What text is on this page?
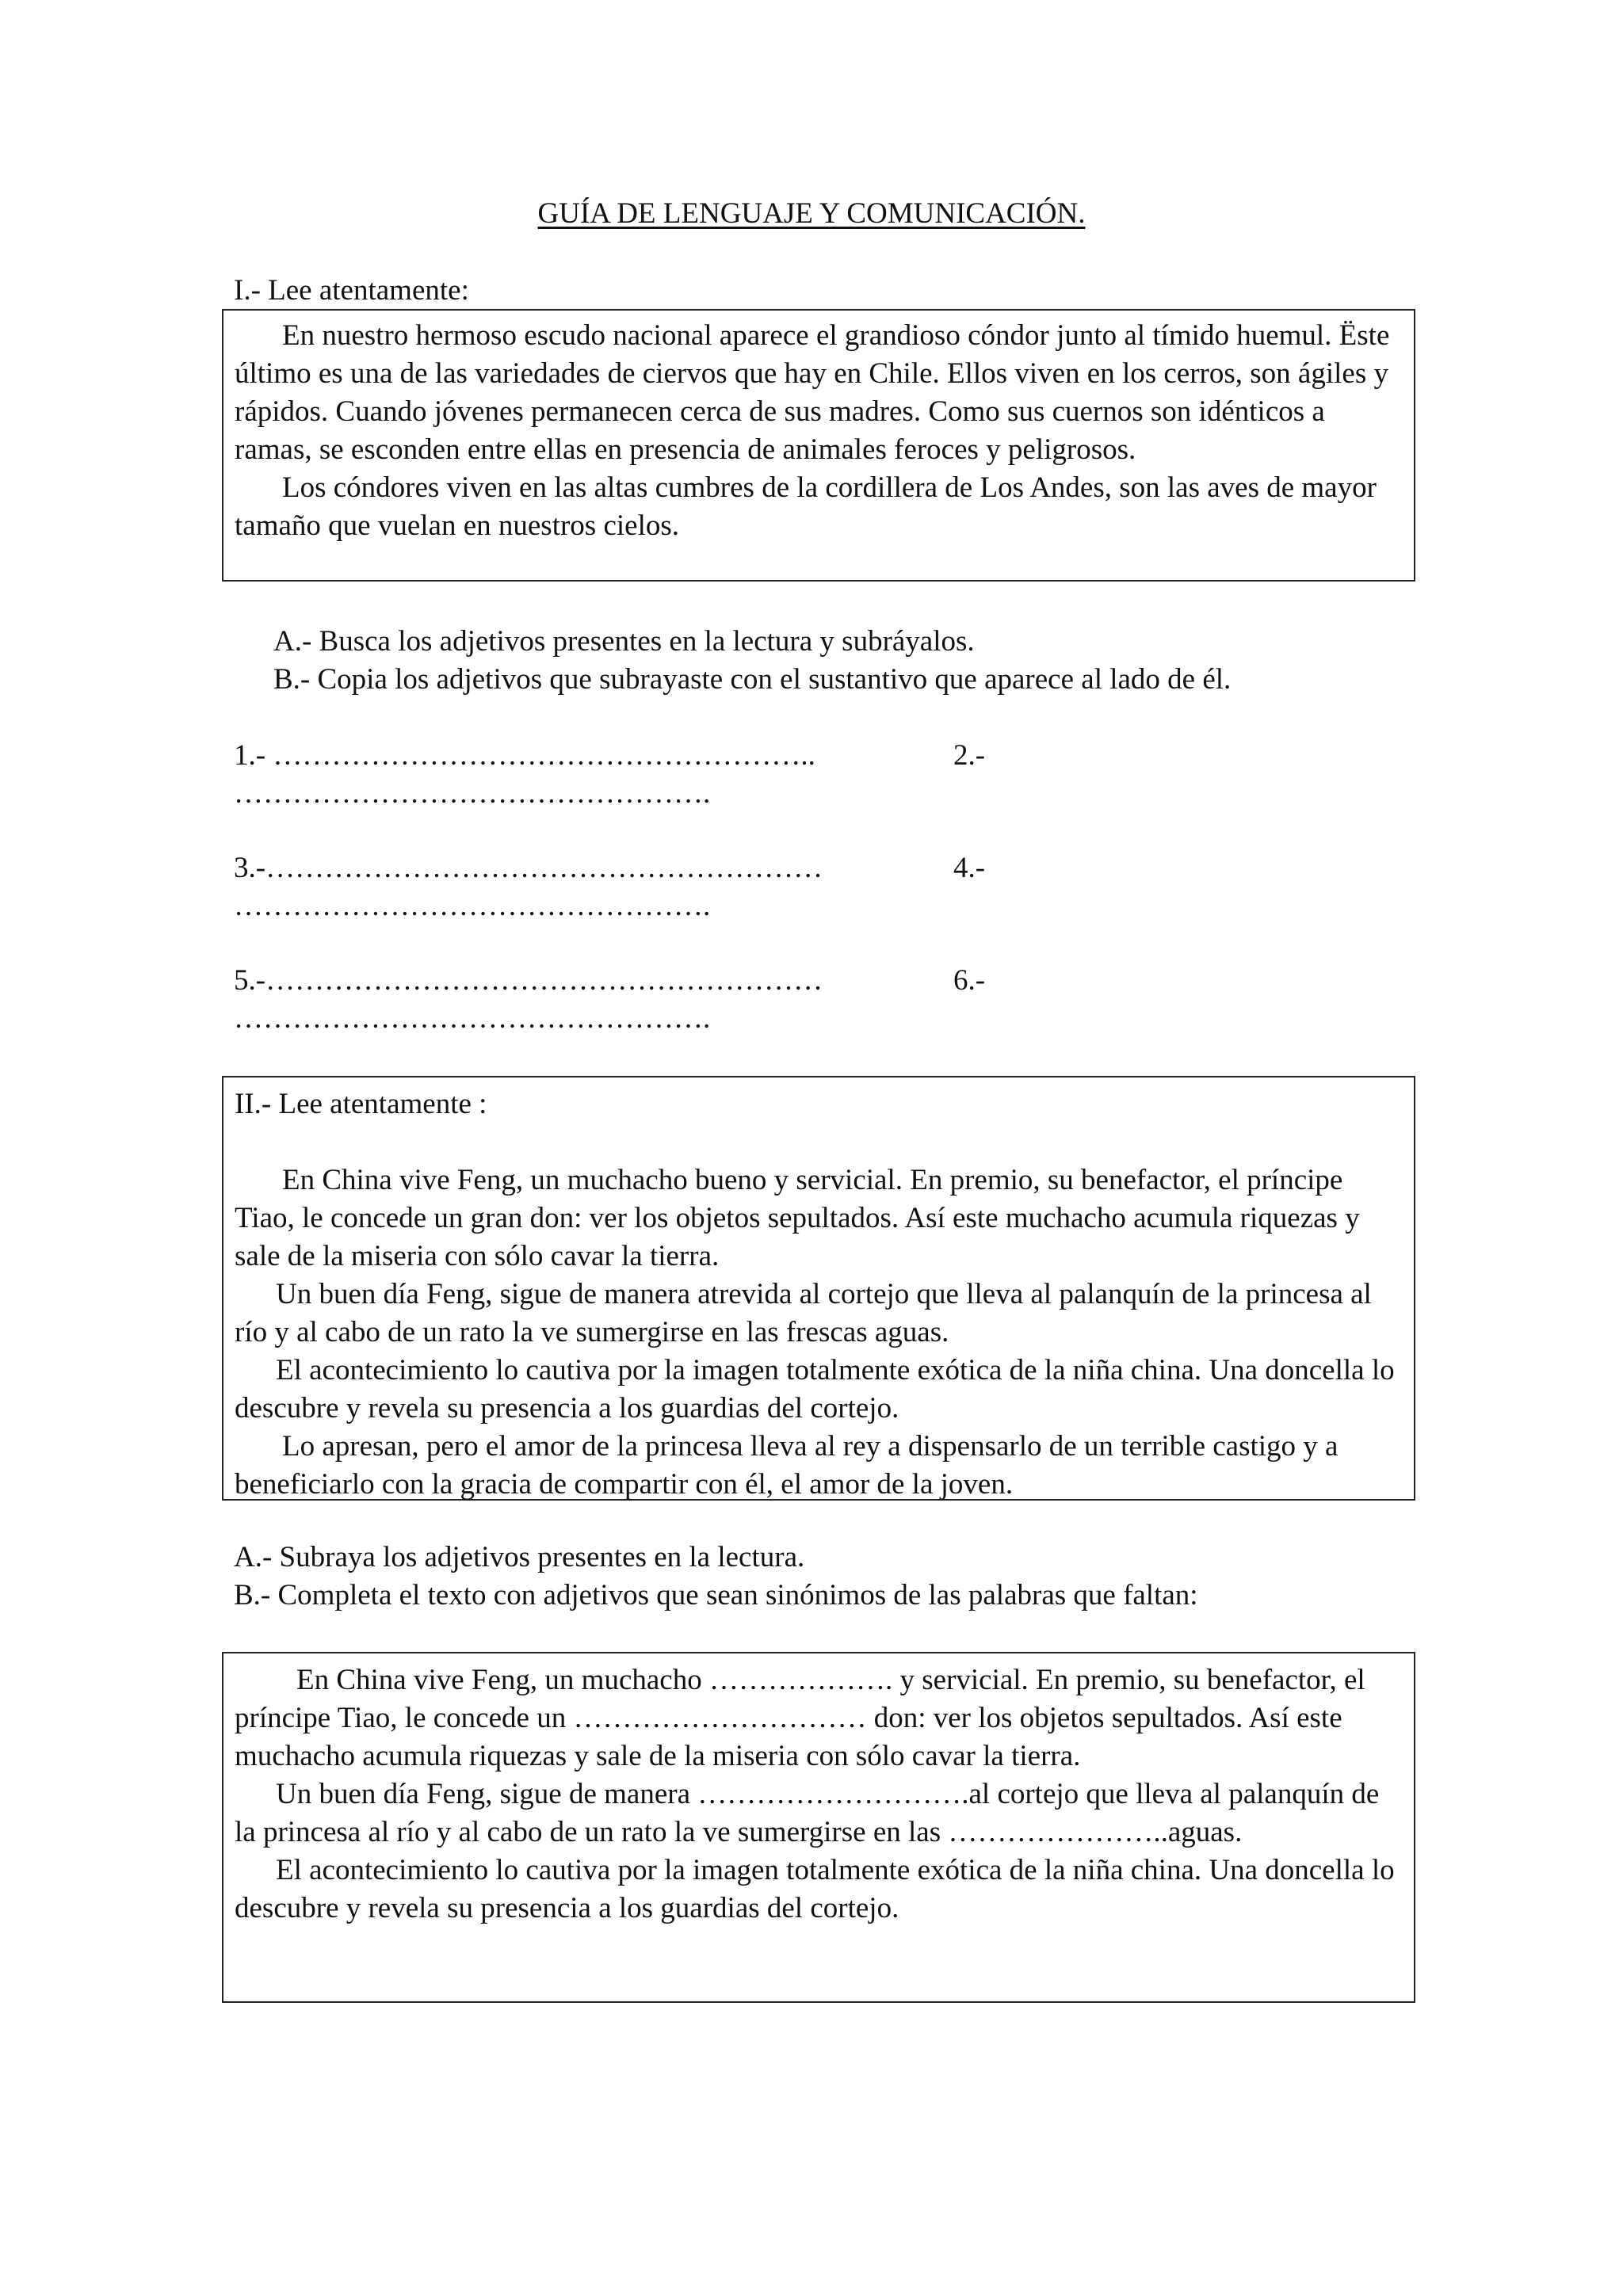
GUÍA DE LENGUAJE Y COMUNICACIÓN.
I.- Lee atentamente:

En nuestro hermoso escudo nacional aparece el grandioso cóndor junto al tímido huemul. Ëste último es una de las variedades de ciervos que hay en Chile. Ellos viven en los cerros, son ágiles y rápidos. Cuando jóvenes permanecen cerca de sus madres. Como sus cuernos son idénticos a ramas, se esconden entre ellas en presencia de animales feroces y peligrosos.

Los cóndores viven en las altas cumbres de la cordillera de Los Andes, son las aves de mayor tamaño que vuelan en nuestros cielos.

A.- Busca los adjetivos presentes en la lectura y subráyalos.
B.- Copia los adjetivos que subrayaste con el sustantivo que aparece al lado de él.
1.- ………………………………………………..	2.-
………………………………………….
3.-…………………………………………………	4.-
………………………………………….
5.-…………………………………………………	6.-
………………………………………….

II.- Lee atentamente :

En China vive Feng, un muchacho bueno y servicial. En premio, su benefactor, el príncipe Tiao, le concede un gran don: ver los objetos sepultados. Así este muchacho acumula riquezas y sale de la miseria con sólo cavar la tierra.

Un buen día Feng, sigue de manera atrevida al cortejo que lleva al palanquín de la princesa al río y al cabo de un rato la ve sumergirse en las frescas aguas.

El acontecimiento lo cautiva por la imagen totalmente exótica de la niña china. Una doncella lo descubre y revela su presencia a los guardias del cortejo.

Lo apresan, pero el amor de la princesa lleva al rey a dispensarlo de un terrible castigo y a beneficiarlo con la gracia de compartir con él, el amor de la joven.

A.- Subraya los adjetivos presentes en la lectura.
B.- Completa el texto con adjetivos que sean sinónimos de las palabras que faltan:

En China vive Feng, un muchacho ………………. y servicial. En premio, su benefactor, el príncipe Tiao, le concede un ………………………… don: ver los objetos sepultados. Así este muchacho acumula riquezas y sale de la miseria con sólo cavar la tierra.

Un buen día Feng, sigue de manera ……………………….al cortejo que lleva al palanquín de la princesa al río y al cabo de un rato la ve sumergirse en las …………………..aguas.

El acontecimiento lo cautiva por la imagen totalmente exótica de la niña china. Una doncella lo descubre y revela su presencia a los guardias del cortejo.
